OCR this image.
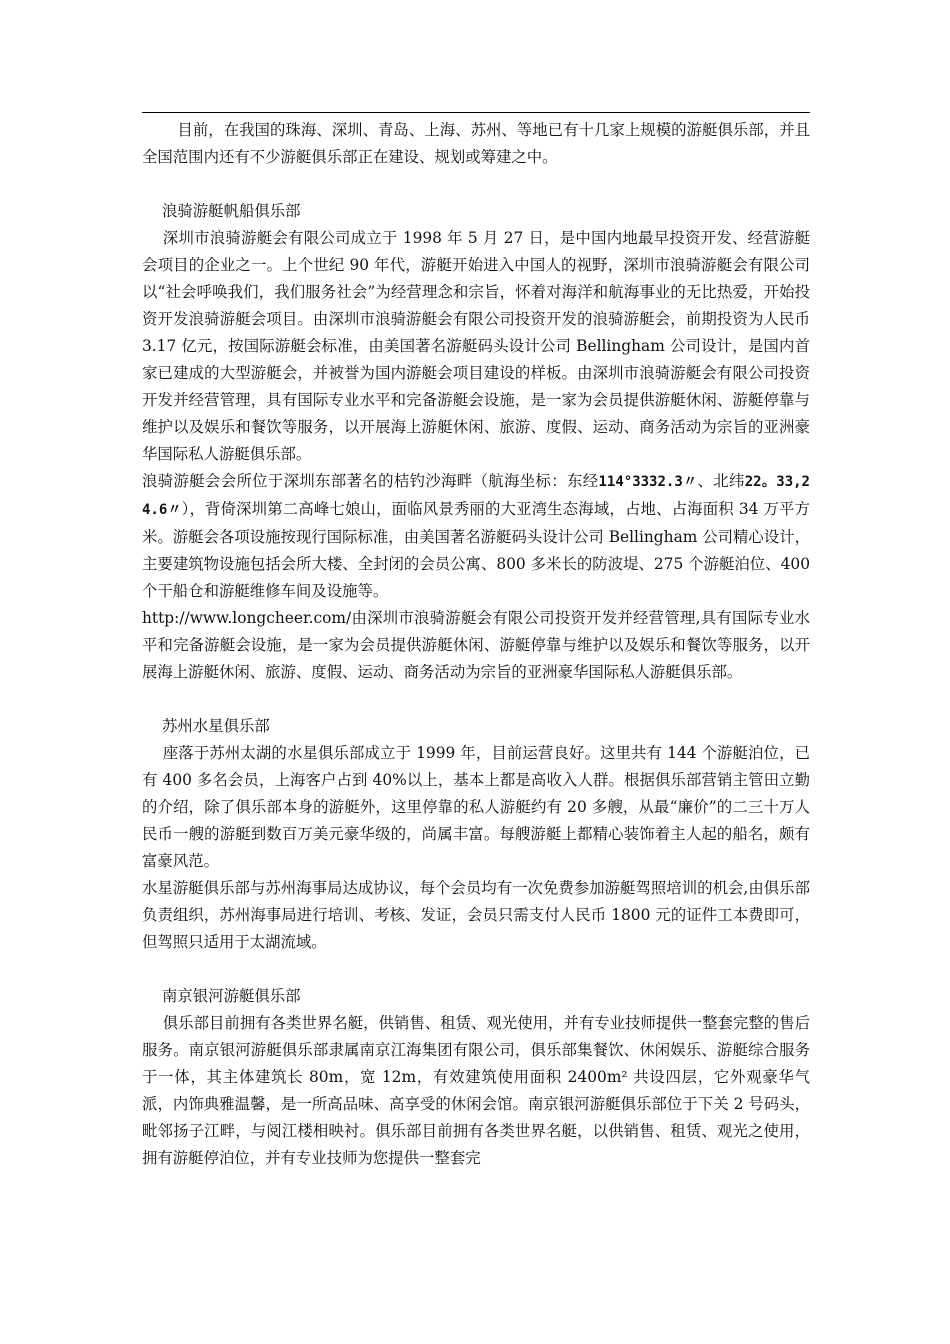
目前，在我国的珠海、深圳、青岛、上海、苏州、等地已有十几家上规模的游艇俱乐部，并且全国范围内还有不少游艇俱乐部正在建设、规划或筹建之中。

浪骑游艇帆船俱乐部

深圳市浪骑游艇会有限公司成立于 1998 年 5 月 27 日，是中国内地最早投资开发、经营游艇会项目的企业之一。上个世纪 90 年代，游艇开始进入中国人的视野，深圳市浪骑游艇会有限公司以“社会呼唤我们，我们服务社会”为经营理念和宗旨，怀着对海洋和航海事业的无比热爱，开始投资开发浪骑游艇会项目。由深圳市浪骑游艇会有限公司投资开发的浪骑游艇会，前期投资为人民币 3.17 亿元，按国际游艇会标准，由美国著名游艇码头设计公司 Bellingham 公司设计，是国内首家已建成的大型游艇会，并被誉为国内游艇会项目建设的样板。由深圳市浪骑游艇会有限公司投资开发并经营管理，具有国际专业水平和完备游艇会设施，是一家为会员提供游艇休闲、游艇停靠与维护以及娱乐和餐饮等服务，以开展海上游艇休闲、旅游、度假、运动、商务活动为宗旨的亚洲豪华国际私人游艇俱乐部。

浪骑游艇会会所位于深圳东部著名的桔钓沙海畔（航海坐标：东经114°3332.3〃、北纬22。33,24.6〃），背倚深圳第二高峰七娘山，面临风景秀丽的大亚湾生态海域，占地、占海面积 34 万平方米。游艇会各项设施按现行国际标准，由美国著名游艇码头设计公司 Bellingham 公司精心设计，主要建筑物设施包括会所大楼、全封闭的会员公寓、800 多米长的防波堤、275 个游艇泊位、400 个干船仓和游艇维修车间及设施等。

http://www.longcheer.com/由深圳市浪骑游艇会有限公司投资开发并经营管理,具有国际专业水平和完备游艇会设施，是一家为会员提供游艇休闲、游艇停靠与维护以及娱乐和餐饮等服务，以开展海上游艇休闲、旅游、度假、运动、商务活动为宗旨的亚洲豪华国际私人游艇俱乐部。

苏州水星俱乐部

座落于苏州太湖的水星俱乐部成立于 1999 年，目前运营良好。这里共有 144 个游艇泊位，已有 400 多名会员，上海客户占到 40%以上，基本上都是高收入人群。根据俱乐部营销主管田立勤的介绍，除了俱乐部本身的游艇外，这里停靠的私人游艇约有 20 多艘，从最“廉价”的二三十万人民币一艘的游艇到数百万美元豪华级的，尚属丰富。每艘游艇上都精心装饰着主人起的船名，颇有富豪风范。

水星游艇俱乐部与苏州海事局达成协议，每个会员均有一次免费参加游艇驾照培训的机会,由俱乐部负责组织，苏州海事局进行培训、考核、发证，会员只需支付人民币 1800 元的证件工本费即可，但驾照只适用于太湖流域。

南京银河游艇俱乐部

俱乐部目前拥有各类世界名艇，供销售、租赁、观光使用，并有专业技师提供一整套完整的售后服务。南京银河游艇俱乐部隶属南京江海集团有限公司，俱乐部集餐饮、休闲娱乐、游艇综合服务于一体，其主体建筑长 80m，宽 12m，有效建筑使用面积 2400m² 共设四层，它外观豪华气派，内饰典雅温馨，是一所高品味、高享受的休闲会馆。南京银河游艇俱乐部位于下关 2 号码头，毗邻扬子江畔，与阅江楼相映衬。俱乐部目前拥有各类世界名艇，以供销售、租赁、观光之使用，拥有游艇停泊位，并有专业技师为您提供一整套完
